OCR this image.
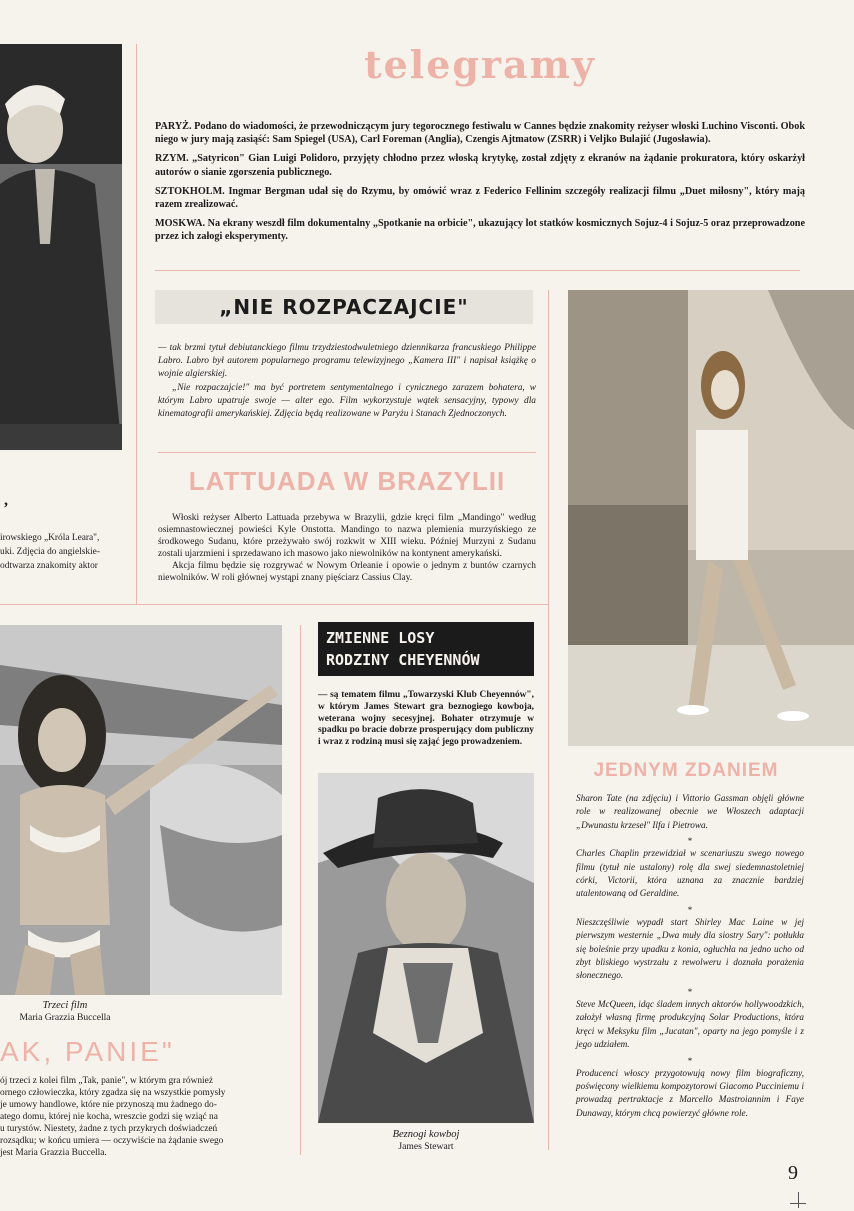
telegramy

PARYŻ. Podano do wiadomości, że przewodniczącym jury tegorocznego festiwalu w Cannes będzie znakomity reżyser włoski Luchino Visconti. Obok niego w jury mają zasiąść: Sam Spiegel (USA), Carl Foreman (Anglia), Czengis Ajtmatow (ZSRR) i Veljko Bulajić (Jugosławia).

RZYM. „Satyricon" Gian Luigi Polidoro, przyjęty chłodno przez włoską krytykę, został zdjęty z ekranów na żądanie prokuratora, który oskarżył autorów o sianie zgorszenia publicznego.

SZTOKHOLM. Ingmar Bergman udał się do Rzymu, by omówić wraz z Federico Fellinim szczegóły realizacji filmu „Duet miłosny", który mają razem zrealizować.

MOSKWA. Na ekrany weszdł film dokumentalny „Spotkanie na orbicie", ukazujący lot statków kosmicznych Sojuz-4 i Sojuz-5 oraz przeprowadzone przez ich załogi eksperymenty.

„NIE ROZPACZAJCIE"

— tak brzmi tytuł debiutanckiego filmu trzydziestodwuletniego dziennikarza francuskiego Philippe Labro. Labro był autorem popularnego programu telewizyjnego „Kamera III" i napisał książkę o wojnie algierskiej.

„Nie rozpaczajcie!" ma być portretem sentymentalnego i cynicznego zarazem bohatera, w którym Labro upatruje swoje — alter ego. Film wykorzystuje wątek sensacyjny, typowy dla kinematografii amerykańskiej. Zdjęcia będą realizowane w Paryżu i Stanach Zjednoczonych.

LATTUADA W BRAZYLII

Włoski reżyser Alberto Lattuada przebywa w Brazylii, gdzie kręci film „Mandingo" według osiemnastowiecznej powieści Kyle Onstotta. Mandingo to nazwa plemienia murzyńskiego ze środkowego Sudanu, które przeżywało swój rozkwit w XIII wieku. Później Murzyni z Sudanu zostali ujarzmieni i sprzedawano ich masowo jako niewolników na kontynent amerykański.

Akcja filmu będzie się rozgrywać w Nowym Orleanie i opowie o jednym z buntów czarnych niewolników. W roli głównej wystąpi znany pięściarz Cassius Clay.

,
irowskiego „Króla Leara",
uki. Zdjęcia do angielskie-
odtwarza znakomity aktor
ZMIENNE LOSY
RODZINY CHEYENNÓW
— są tematem filmu „Towarzyski Klub Cheyennów", w którym James Stewart gra beznogiego kowboja, weterana wojny secesyjnej. Bohater otrzymuje w spadku po bracie dobrze prosperujący dom publiczny i wraz z rodziną musi się zająć jego prowadzeniem.
Beznogi kowboj
James Stewart
Trzeci film
Maria Grazzia Buccella
AK, PANIE"
ój trzeci z kolei film „Tak, panie", w którym gra również
ornego człowieczka, który zgadza się na wszystkie pomysły
je umowy handlowe, które nie przynoszą mu żadnego do-
atego domu, której nie kocha, wreszcie godzi się wziąć na
u turystów. Niestety, żadne z tych przykrych doświadczeń
rozsądku; w końcu umiera — oczywiście na żądanie swego
jest Maria Grazzia Buccella.
JEDNYM ZDANIEM

Sharon Tate (na zdjęciu) i Vittorio Gassman objęli główne role w realizowanej obecnie we Włoszech adaptacji „Dwunastu krzeseł" Ilfa i Pietrowa.

*

Charles Chaplin przewidział w scenariuszu swego nowego filmu (tytuł nie ustalony) rolę dla swej siedemnastoletniej córki, Victorii, która uznana za znacznie bardziej utalentowaną od Geraldine.

*

Nieszczęśliwie wypadł start Shirley Mac Laine w jej pierwszym westernie „Dwa muły dla siostry Sary": potłukła się boleśnie przy upadku z konia, ogłuchła na jedno ucho od zbyt bliskiego wystrzału z rewolweru i doznała porażenia słonecznego.

*

Steve McQueen, idąc śladem innych aktorów hollywoodzkich, założył własną firmę produkcyjną Solar Productions, która kręci w Meksyku film „Jucatan", oparty na jego pomyśle i z jego udziałem.

*

Producenci włoscy przygotowują nowy film biograficzny, poświęcony wielkiemu kompozytorowi Giacomo Pucciniemu i prowadzą pertraktacje z Marcello Mastroiannim i Faye Dunaway, którym chcą powierzyć główne role.

9
